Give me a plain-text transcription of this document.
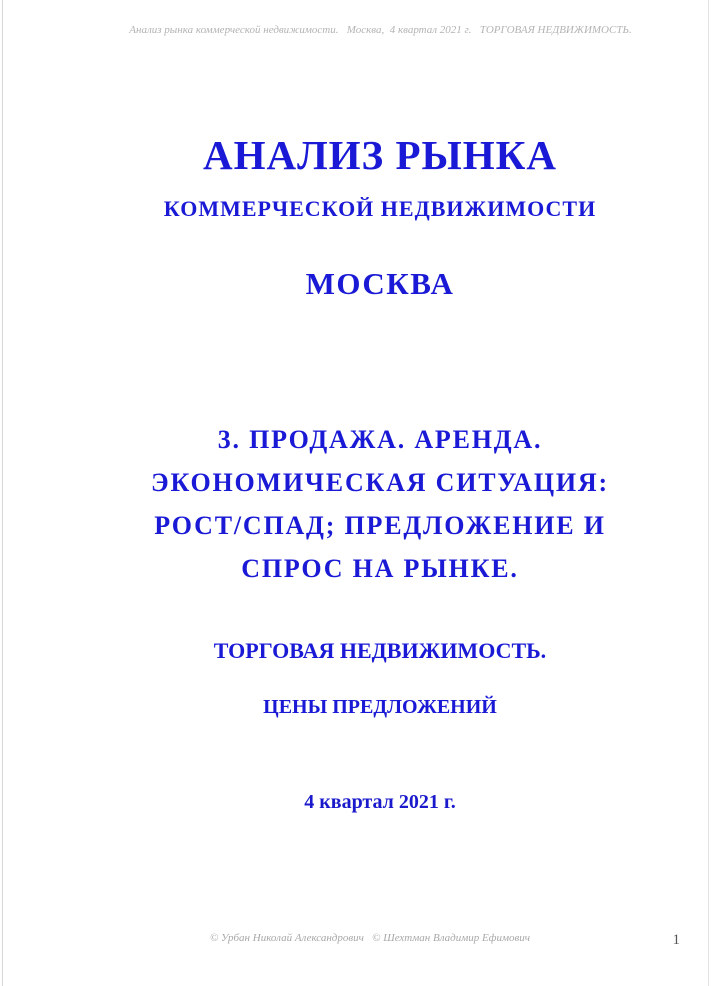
Анализ рынка коммерческой недвижимости.   Москва,  4 квартал 2021 г.   ТОРГОВАЯ НЕДВИЖИМОСТЬ.
АНАЛИЗ РЫНКА
КОММЕРЧЕСКОЙ НЕДВИЖИМОСТИ
МОСКВА
3. ПРОДАЖА. АРЕНДА.
ЭКОНОМИЧЕСКАЯ СИТУАЦИЯ:
РОСТ/СПАД; ПРЕДЛОЖЕНИЕ И
СПРОС НА РЫНКЕ.
ТОРГОВАЯ НЕДВИЖИМОСТЬ.
ЦЕНЫ ПРЕДЛОЖЕНИЙ
4 квартал 2021 г.
© Урбан Николай Александрович   © Шехтман Владимир Ефимович	1
